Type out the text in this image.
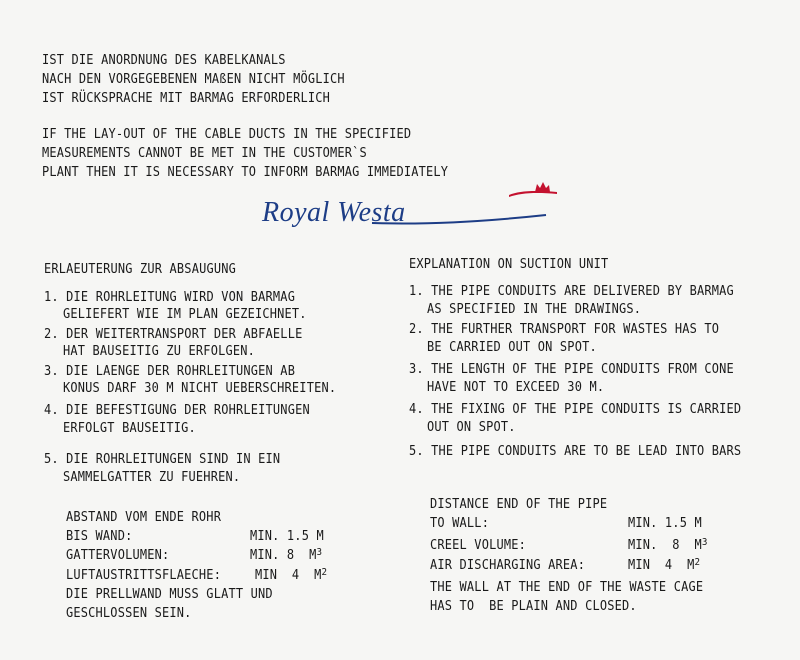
IST DIE ANORDNUNG DES KABELKANALS
NACH DEN VORGEGEBENEN MAßEN NICHT MÖGLICH
IST RÜCKSPRACHE MIT BARMAG ERFORDERLICH
IF THE LAY-OUT OF THE CABLE DUCTS IN THE SPECIFIED
MEASUREMENTS CANNOT BE MET IN THE CUSTOMER`S
PLANT THEN IT IS NECESSARY TO INFORM BARMAG IMMEDIATELY
Royal Westa
ERLAEUTERUNG ZUR ABSAUGUNG
1. DIE ROHRLEITUNG WIRD VON BARMAG
GELIEFERT WIE IM PLAN GEZEICHNET.
2. DER WEITERTRANSPORT DER ABFAELLE
HAT BAUSEITIG ZU ERFOLGEN.
3. DIE LAENGE DER ROHRLEITUNGEN AB
KONUS DARF 30 M NICHT UEBERSCHREITEN.
4. DIE BEFESTIGUNG DER ROHRLEITUNGEN
ERFOLGT BAUSEITIG.
5. DIE ROHRLEITUNGEN SIND IN EIN
SAMMELGATTER ZU FUEHREN.
ABSTAND VOM ENDE ROHR
BIS WAND:	MIN. 1.5 M
GATTERVOLUMEN:	MIN. 8  $M^3$
LUFTAUSTRITTSFLAECHE:	MIN  4  $M^2$
DIE PRELLWAND MUSS GLATT UND
GESCHLOSSEN SEIN.
EXPLANATION ON SUCTION UNIT
1. THE PIPE CONDUITS ARE DELIVERED BY BARMAG
AS SPECIFIED IN THE DRAWINGS.
2. THE FURTHER TRANSPORT FOR WASTES HAS TO
BE CARRIED OUT ON SPOT.
3. THE LENGTH OF THE PIPE CONDUITS FROM CONE
HAVE NOT TO EXCEED 30 M.
4. THE FIXING OF THE PIPE CONDUITS IS CARRIED
OUT ON SPOT.
5. THE PIPE CONDUITS ARE TO BE LEAD INTO BARS
DISTANCE END OF THE PIPE
TO WALL:	MIN. 1.5 M
CREEL VOLUME:	MIN.  8  $M^3$
AIR DISCHARGING AREA:	MIN  4  $M^2$
THE WALL AT THE END OF THE WASTE CAGE
HAS TO  BE PLAIN AND CLOSED.
